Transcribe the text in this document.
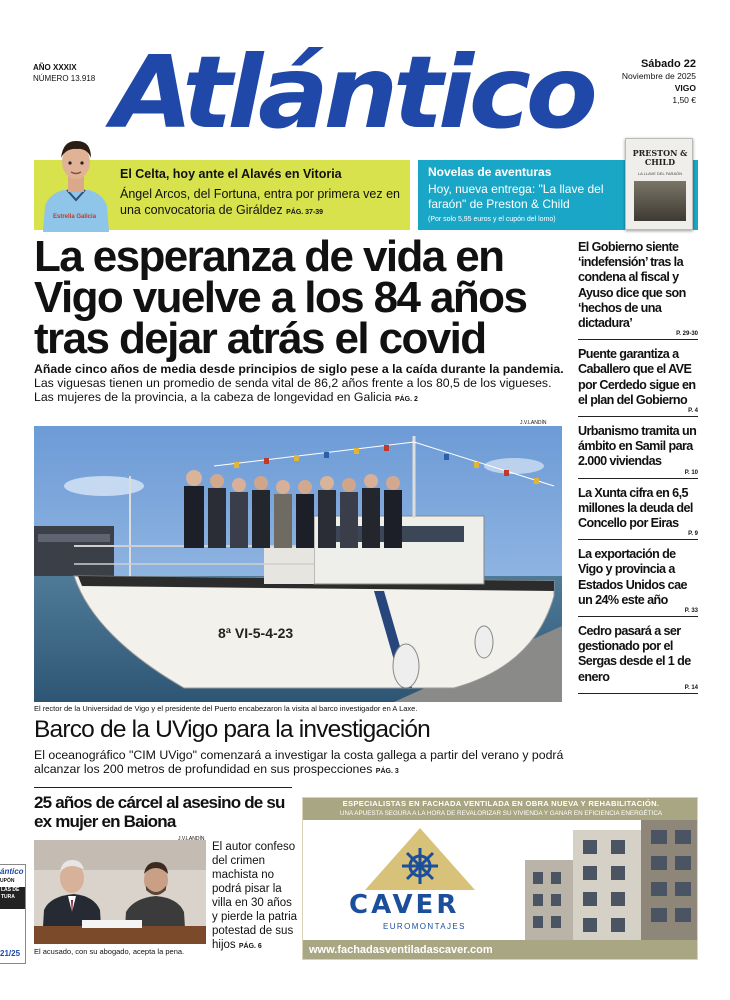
AÑO XXXIX
NÚMERO 13.918 Atlántico	Sábado 22
Noviembre de 2025
VIGO
1,50 €
El Celta, hoy ante el Alavés en Vitoria
Ángel Arcos, del Fortuna, entra por primera vez en una convocatoria de Giráldez PÁG. 37-39
Estrella Galicia
Novelas de aventuras
Hoy, nueva entrega: "La llave del faraón" de Preston & Child
(Por solo 5,95 euros y el cupón del lomo)
PRESTON & CHILD
LA LLAVE DEL FARAÓN
La esperanza de vida en Vigo vuelve a los 84 años tras dejar atrás el covid
Añade cinco años de media desde principios de siglo pese a la caída durante la pandemia. Las viguesas tienen un promedio de senda vital de 86,2 años frente a los 80,5 de los vigueses. Las mujeres de la provincia, a la cabeza de longevidad en Galicia PÁG. 2
J.V.LANDÍN
8ª VI-5-4-23
El rector de la Universidad de Vigo y el presidente del Puerto encabezaron la visita al barco investigador en A Laxe.
Barco de la UVigo para la investigación
El oceanográfico "CIM UVigo" comenzará a investigar la costa gallega a partir del verano y podrá alcanzar los 200 metros de profundidad en sus prospecciones PÁG. 3
El Gobierno siente ‘indefensión’ tras la condena al fiscal y Ayuso dice que son ‘hechos de una dictadura’
P. 29-30
Puente garantiza a Caballero que el AVE por Cerdedo sigue en el plan del Gobierno
P. 4
Urbanismo tramita un ámbito en Samil para 2.000 viviendas
P. 10
La Xunta cifra en 6,5 millones la deuda del Concello por Eiras
P. 9
La exportación de Vigo y provincia a Estados Unidos cae un 24% este año
P. 33
Cedro pasará a ser gestionado por el Sergas desde el 1 de enero
P. 14
25 años de cárcel al asesino de su ex mujer en Baiona
J.V.LANDÍN
El autor confeso del crimen machista no podrá pisar la villa en 30 años y pierde la patria potestad de sus hijos PÁG. 6
El acusado, con su abogado, acepta la pena.
ántico
UPÓN
LAS DE TURA
21/25
ESPECIALISTAS EN FACHADA VENTILADA EN OBRA NUEVA Y REHABILITACIÓN.
UNA APUESTA SEGURA A LA HORA DE REVALORIZAR SU VIVIENDA Y GANAR EN EFICIENCIA ENERGÉTICA
CAVER
EUROMONTAJES
www.fachadasventiladascaver.com
